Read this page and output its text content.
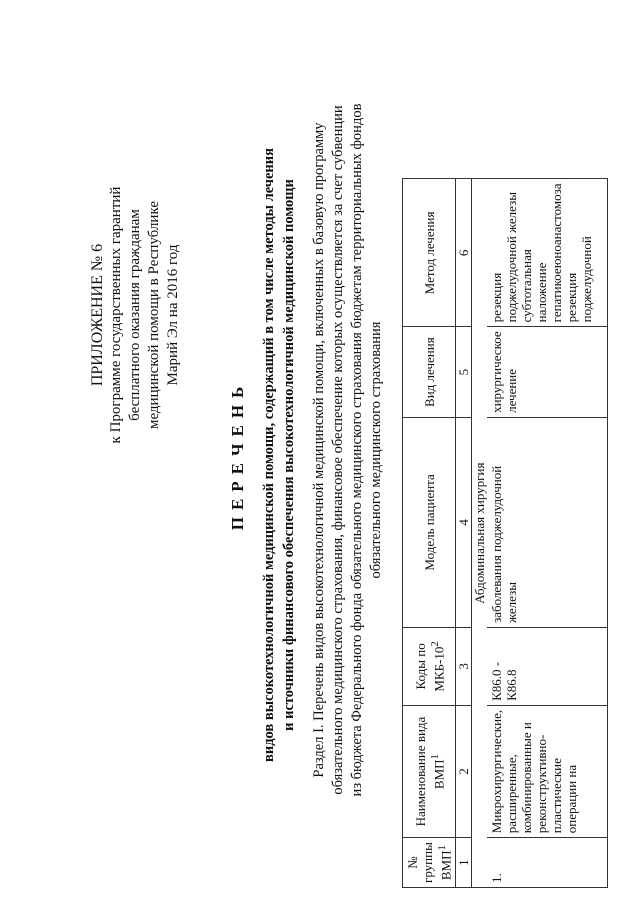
ПРИЛОЖЕНИЕ № 6 к Программе государственных гарантий бесплатного оказания гражданам медицинской помощи в Республике Марий Эл на 2016 год
ПЕРЕЧЕНЬ видов высокотехнологичной медицинской помощи, содержащий в том числе методы лечения и источники финансового обеспечения высокотехнологичной медицинской помощи Раздел I. Перечень видов высокотехнологичной медицинской помощи, включенных в базовую программу обязательного медицинского страхования, финансовое обеспечение которых осуществляется за счет субвенции из бюджета Федерального фонда обязательного медицинского страхования бюджетам территориальных фондов обязательного медицинского страхования
№ группы ВМП$^1$	Наименование вида ВМП$^1$	Коды по МКБ-$10^2$	Модель пациента	Вид лечения	Метод лечения
1	2	3	4	5	6
Абдоминальная хирургия					
1.	Микрохирургические, расширенные, комбинированные и реконструктивно-пластические операции на	К86.0 - К86.8	заболевания поджелудочной железы	хирургическое лечение	резекция поджелудочной железы субтотальная наложение гепатикоеюноанастомоза резекция поджелудочной
